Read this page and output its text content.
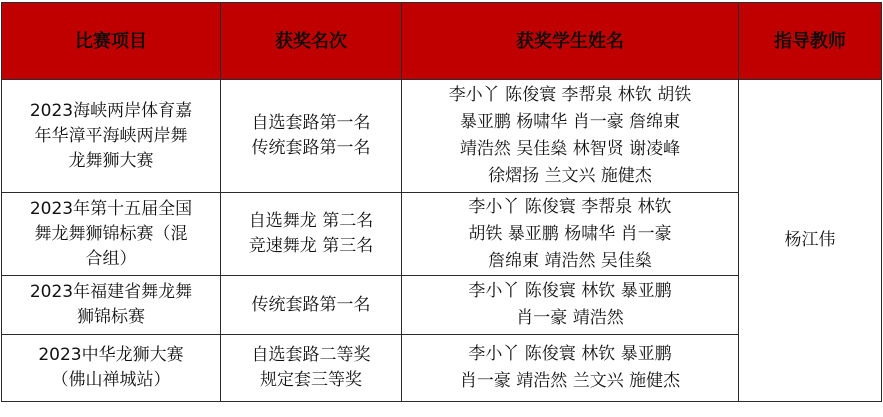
比赛项目	获奖名次	获奖学生姓名	指导教师

2023海峡两岸体育嘉
年华漳平海峡两岸舞
龙舞狮大赛	自选套路第一名
传统套路第一名	李小丫 陈俊寰 李帮泉 林钦 胡铁
暴亚鹏 杨啸华 肖一豪 詹绵東
靖浩然 吴佳燊 林智贤 谢凌峰
徐熠扬 兰文兴 施健杰	杨江伟

2023年第十五届全国
舞龙舞狮锦标赛（混
合组）	自选舞龙 第二名
竞速舞龙 第三名	李小丫 陈俊寰 李帮泉 林钦
胡铁 暴亚鹏 杨啸华 肖一豪
詹绵東 靖浩然 吴佳燊	

2023年福建省舞龙舞
狮锦标赛	传统套路第一名	李小丫 陈俊寰 林钦 暴亚鹏
肖一豪 靖浩然	

2023中华龙狮大赛
（佛山禅城站）	自选套路二等奖
规定套三等奖	李小丫 陈俊寰 林钦 暴亚鹏
肖一豪 靖浩然 兰文兴 施健杰	
